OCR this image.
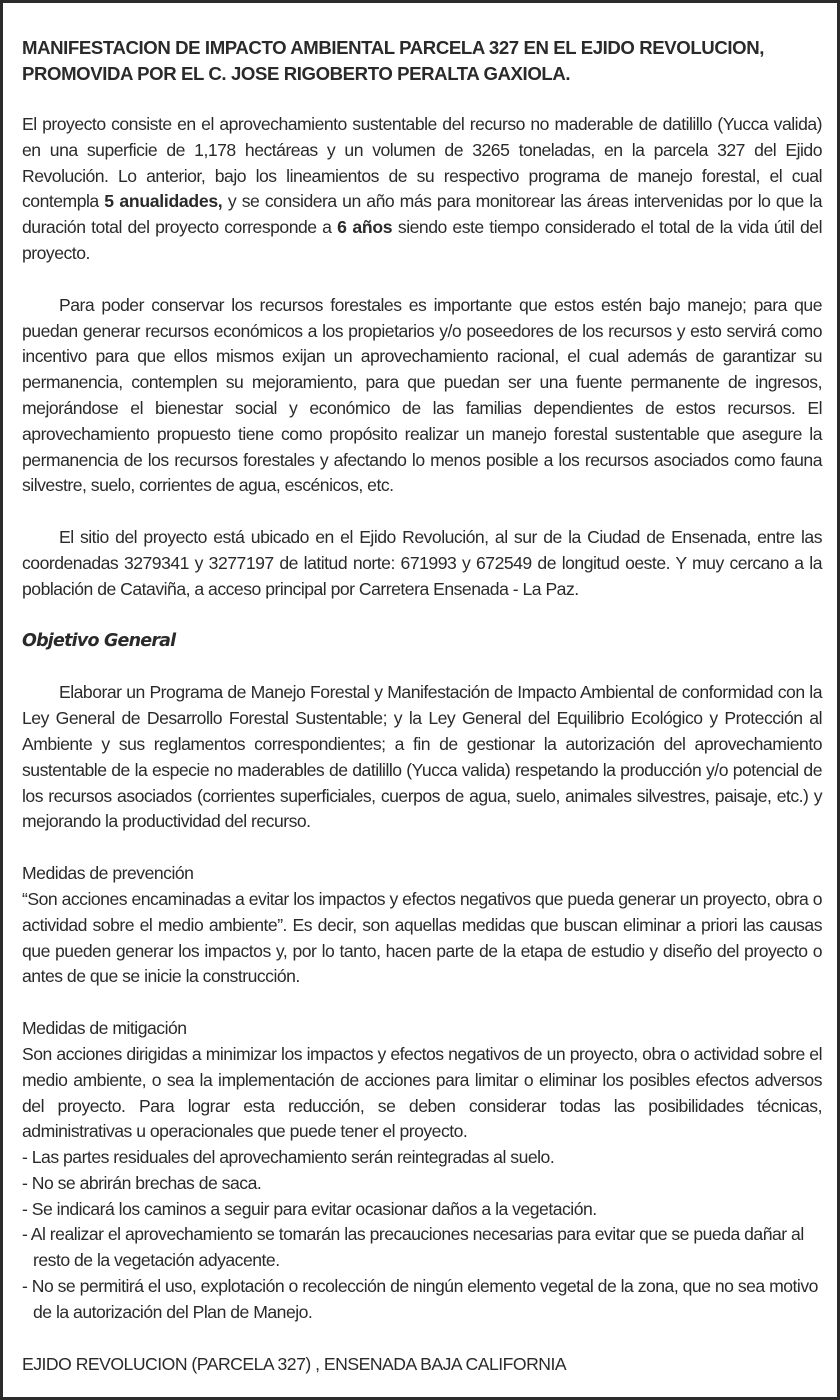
MANIFESTACION DE IMPACTO AMBIENTAL PARCELA 327 EN EL EJIDO REVOLUCION,
PROMOVIDA POR EL C. JOSE RIGOBERTO PERALTA GAXIOLA.

El proyecto consiste en el aprovechamiento sustentable del recurso no maderable de datilillo (Yucca valida) en una superficie de 1,178 hectáreas y un volumen de 3265 toneladas, en la parcela 327 del Ejido Revolución. Lo anterior, bajo los lineamientos de su respectivo programa de manejo forestal, el cual contempla 5 anualidades, y se considera un año más para monitorear las áreas intervenidas por lo que la duración total del proyecto corresponde a 6 años siendo este tiempo considerado el total de la vida útil del proyecto.

Para poder conservar los recursos forestales es importante que estos estén bajo manejo; para que puedan generar recursos económicos a los propietarios y/o poseedores de los recursos y esto servirá como incentivo para que ellos mismos exijan un aprovechamiento racional, el cual además de garantizar su permanencia, contemplen su mejoramiento, para que puedan ser una fuente permanente de ingresos, mejorándose el bienestar social y económico de las familias dependientes de estos recursos. El aprovechamiento propuesto tiene como propósito realizar un manejo forestal sustentable que asegure la permanencia de los recursos forestales y afectando lo menos posible a los recursos asociados como fauna silvestre, suelo, corrientes de agua, escénicos, etc.

El sitio del proyecto está ubicado en el Ejido Revolución, al sur de la Ciudad de Ensenada, entre las coordenadas 3279341 y 3277197 de latitud norte: 671993 y 672549 de longitud oeste. Y muy cercano a la población de Cataviña, a acceso principal por Carretera Ensenada - La Paz.

Objetivo General

Elaborar un Programa de Manejo Forestal y Manifestación de Impacto Ambiental de conformidad con la Ley General de Desarrollo Forestal Sustentable; y la Ley General del Equilibrio Ecológico y Protección al Ambiente y sus reglamentos correspondientes; a fin de gestionar la autorización del aprovechamiento sustentable de la especie no maderables de datilillo (Yucca valida) respetando la producción y/o potencial de los recursos asociados (corrientes superficiales, cuerpos de agua, suelo, animales silvestres, paisaje, etc.) y mejorando la productividad del recurso.

Medidas de prevención

“Son acciones encaminadas a evitar los impactos y efectos negativos que pueda generar un proyecto, obra o actividad sobre el medio ambiente”. Es decir, son aquellas medidas que buscan eliminar a priori las causas que pueden generar los impactos y, por lo tanto, hacen parte de la etapa de estudio y diseño del proyecto o antes de que se inicie la construcción.

Medidas de mitigación

Son acciones dirigidas a minimizar los impactos y efectos negativos de un proyecto, obra o actividad sobre el medio ambiente, o sea la implementación de acciones para limitar o eliminar los posibles efectos adversos del proyecto. Para lograr esta reducción, se deben considerar todas las posibilidades técnicas, administrativas u operacionales que puede tener el proyecto.

- Las partes residuales del aprovechamiento serán reintegradas al suelo.
- No se abrirán brechas de saca.
- Se indicará los caminos a seguir para evitar ocasionar daños a la vegetación.
- Al realizar el aprovechamiento se tomarán las precauciones necesarias para evitar que se pueda dañar al resto de la vegetación adyacente.
- No se permitirá el uso, explotación o recolección de ningún elemento vegetal de la zona, que no sea motivo de la autorización del Plan de Manejo.

EJIDO REVOLUCION (PARCELA 327) , ENSENADA BAJA CALIFORNIA
